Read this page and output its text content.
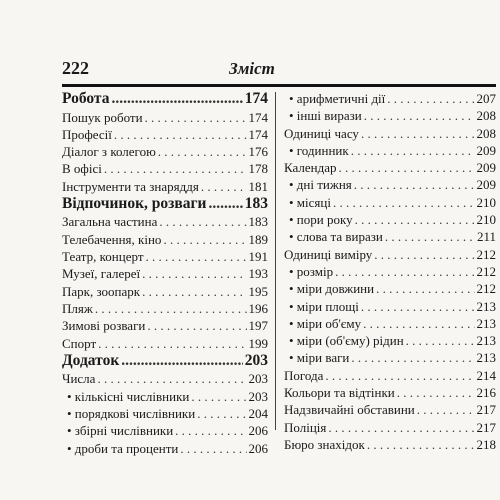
222	Зміст
Робота .....	174
Пошук роботи . . .	174
Професії . . .	174
Діалог з колегою . . .	176
В офісі . . .	178
Інструменти та знаряддя . . .	181
Відпочинок, розваги ..... 183
Загальна частина . . .	183
Телебачення, кіно . . .	189
Театр, концерт . . .	191
Музеї, галереї . . .	193
Парк, зоопарк . . .	195
Пляж . . .	196
Зимові розваги . . .	197
Спорт . . .	199
Додаток .....	203
Числа . . .	203
• кількісні числівники . . .	203
• порядкові числівники . . .	204
• збірні числівники . . .	206
• дроби та проценти . . .	206
• арифметичні дії . . .	207
• інші вирази . . .	208
Одиниці часу . . .	208
• годинник . . .	209
Календар . . .	209
• дні тижня . . .	209
• місяці . . .	210
• пори року . . .	210
• слова та вирази . . .	211
Одиниці виміру . . .	212
• розмір . . .	212
• міри довжини . . .	212
• міри площі . . .	213
• міри об'єму . . .	213
• міри (об'єму) рідин . . .	213
• міри ваги . . .	213
Погода . . .	214
Кольори та відтінки . . .	216
Надзвичайні обставини . . .	217
Поліція . . .	217
Бюро знахідок . . .	218
